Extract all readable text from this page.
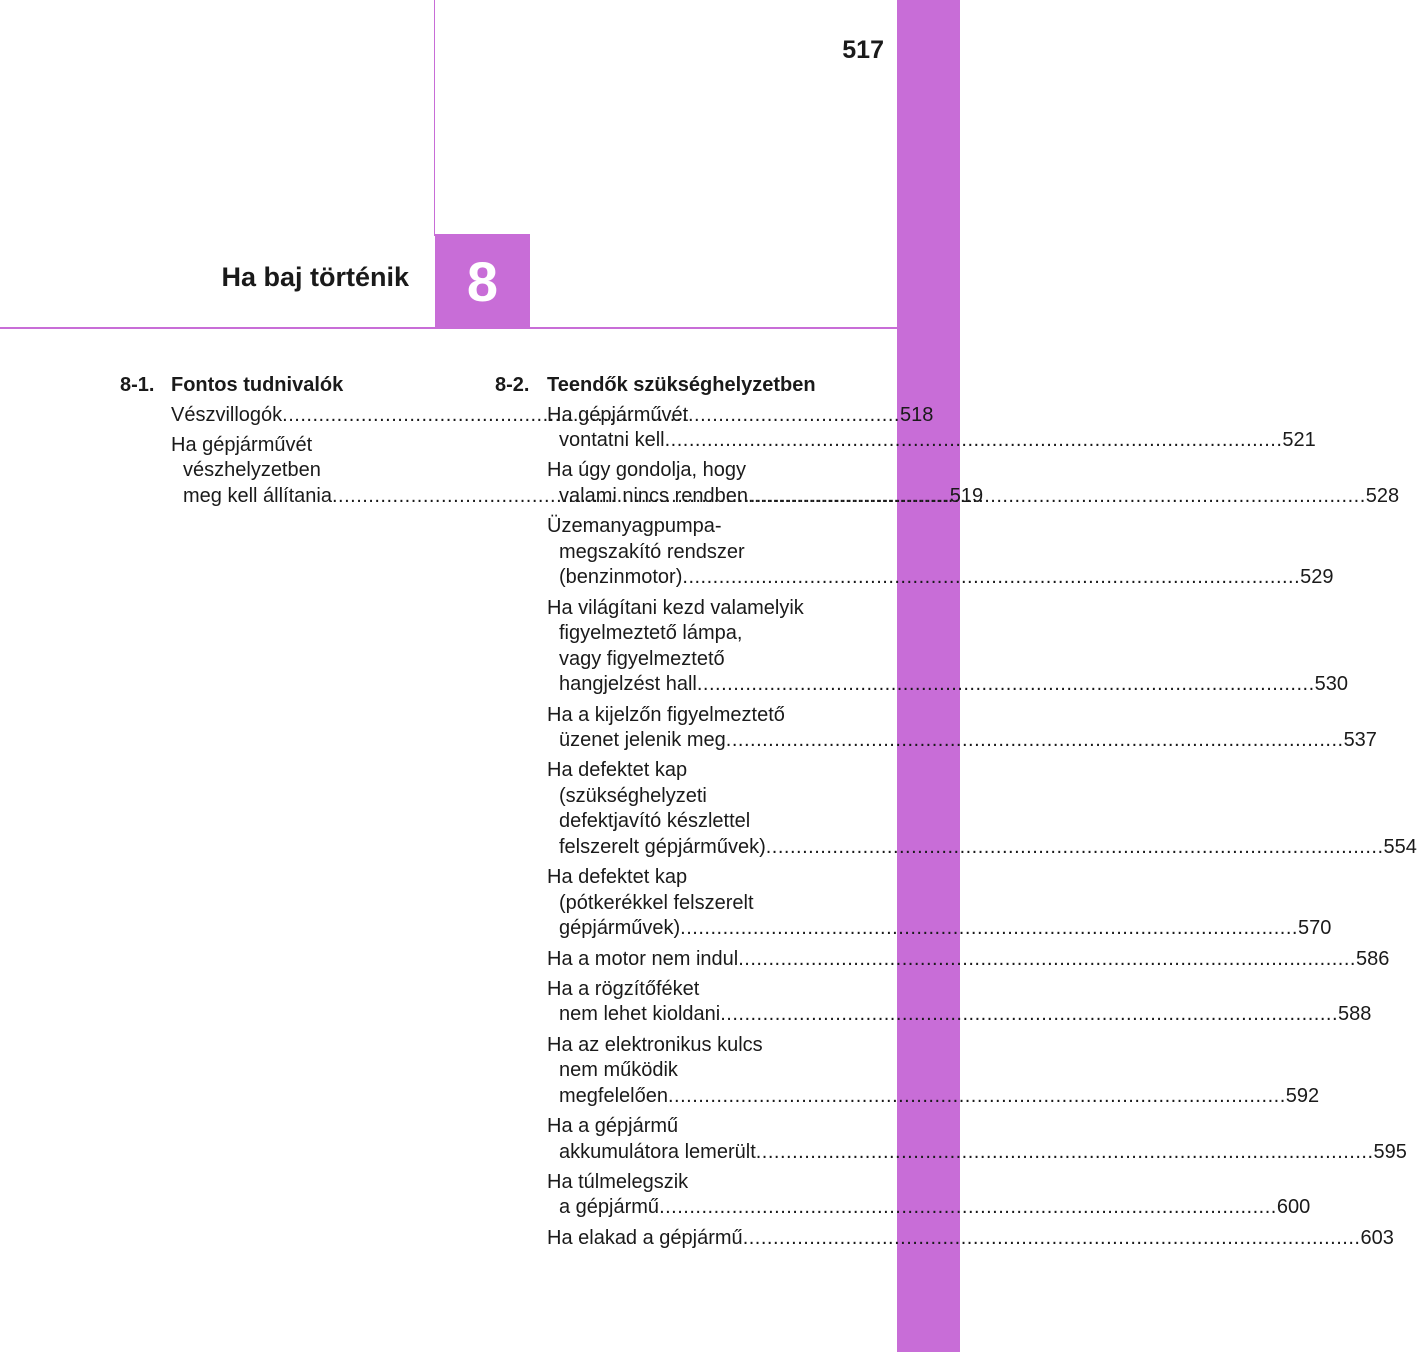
517
Ha baj történik 8
8-1. Fontos tudnivalók
Vészvillogók .....	518
Ha gépjárművét
vészhelyzetben
meg kell állítania .....	519
8-2. Teendők szükséghelyzetben
Ha gépjárművét
vontatni kell .....	521
Ha úgy gondolja, hogy
valami nincs rendben .....	528
Üzemanyagpumpa-
megszakító rendszer
(benzinmotor) .....	529
Ha világítani kezd valamelyik
figyelmeztető lámpa,
vagy figyelmeztető
hangjelzést hall .....	530
Ha a kijelzőn figyelmeztető
üzenet jelenik meg .....	537
Ha defektet kap
(szükséghelyzeti
defektjavító készlettel
felszerelt gépjárművek) .....	554
Ha defektet kap
(pótkerékkel felszerelt
gépjárművek) .....	570
Ha a motor nem indul .....	586
Ha a rögzítőféket
nem lehet kioldani .....	588
Ha az elektronikus kulcs
nem működik
megfelelően .....	592
Ha a gépjármű
akkumulátora lemerült .....	595
Ha túlmelegszik
a gépjármű .....	600
Ha elakad a gépjármű .....	603
